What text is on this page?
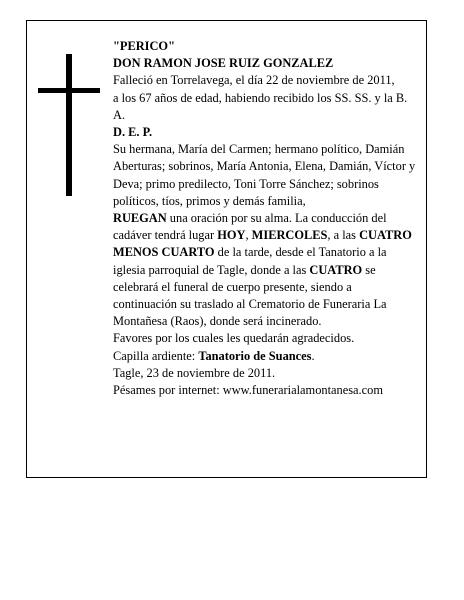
"PERICO"

DON RAMON JOSE RUIZ GONZALEZ

Falleció en Torrelavega, el día 22 de noviembre de 2011,

a los 67 años de edad, habiendo recibido los SS. SS. y la B. A.

D. E. P.

Su hermana, María del Carmen; hermano político, Damián Aberturas; sobrinos, María Antonia, Elena, Damián, Víctor y Deva; primo predilecto, Toni Torre Sánchez; sobrinos políticos, tíos, primos y demás familia,

RUEGAN una oración por su alma. La conducción del cadáver tendrá lugar HOY, MIERCOLES, a las CUATRO MENOS CUARTO de la tarde, desde el Tanatorio a la iglesia parroquial de Tagle, donde a las CUATRO se celebrará el funeral de cuerpo presente, siendo a continuación su traslado al Crematorio de Funeraria La Montañesa (Raos), donde será incinerado.

Favores por los cuales les quedarán agradecidos.

Capilla ardiente: Tanatorio de Suances.

Tagle, 23 de noviembre de 2011.

Pésames por internet: www.funerarialamontanesa.com
